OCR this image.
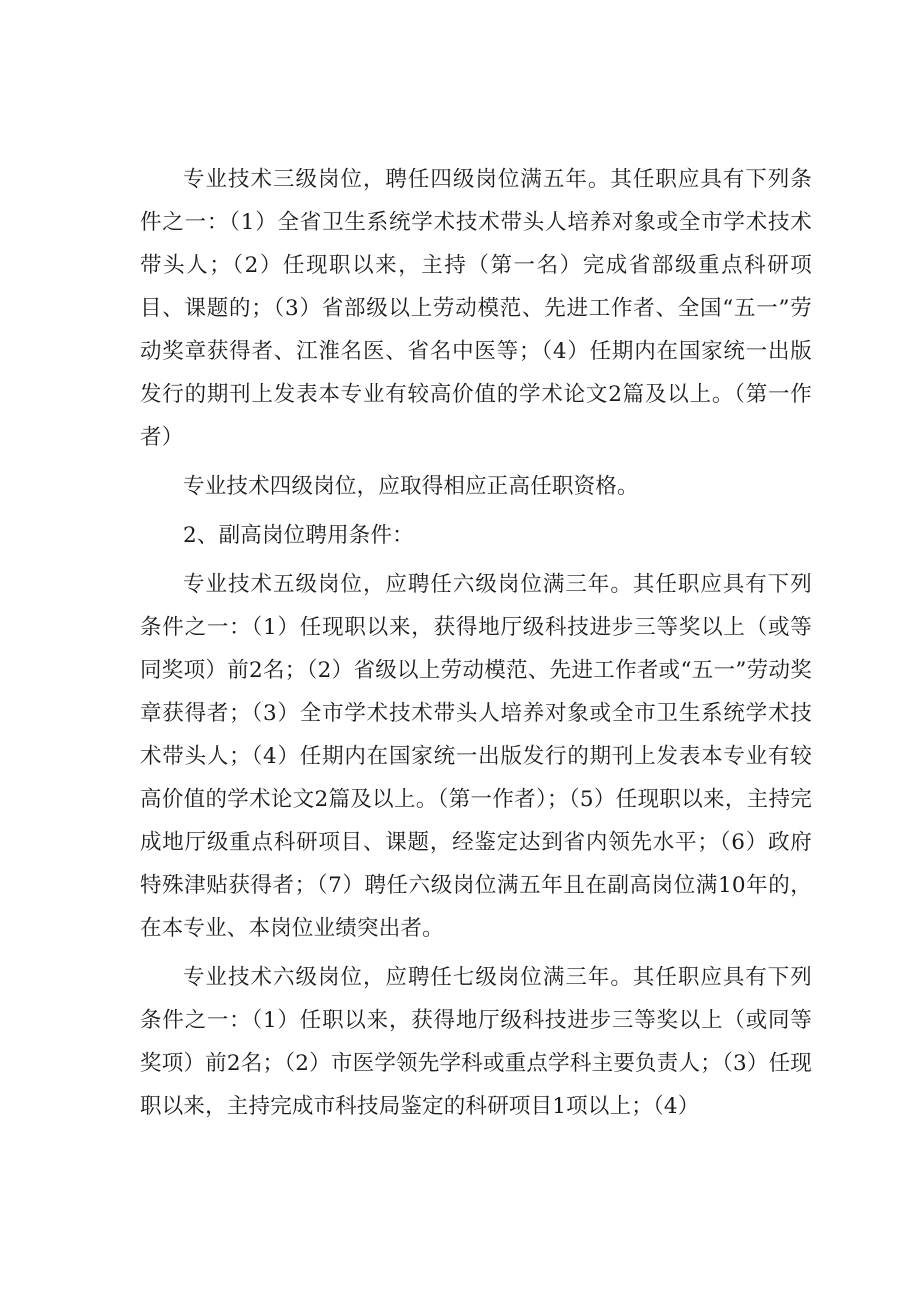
专业技术三级岗位，聘任四级岗位满五年。其任职应具有下列条件之一：（1）全省卫生系统学术技术带头人培养对象或全市学术技术带头人；（2）任现职以来，主持（第一名）完成省部级重点科研项目、课题的；（3）省部级以上劳动模范、先进工作者、全国“五一”劳动奖章获得者、江淮名医、省名中医等；（4）任期内在国家统一出版发行的期刊上发表本专业有较高价值的学术论文2篇及以上。（第一作者）

专业技术四级岗位，应取得相应正高任职资格。

2、副高岗位聘用条件：

专业技术五级岗位，应聘任六级岗位满三年。其任职应具有下列条件之一：（1）任现职以来，获得地厅级科技进步三等奖以上（或等同奖项）前2名；（2）省级以上劳动模范、先进工作者或“五一”劳动奖章获得者；（3）全市学术技术带头人培养对象或全市卫生系统学术技术带头人；（4）任期内在国家统一出版发行的期刊上发表本专业有较高价值的学术论文2篇及以上。（第一作者）；（5）任现职以来，主持完成地厅级重点科研项目、课题，经鉴定达到省内领先水平；（6）政府特殊津贴获得者；（7）聘任六级岗位满五年且在副高岗位满10年的，在本专业、本岗位业绩突出者。

专业技术六级岗位，应聘任七级岗位满三年。其任职应具有下列条件之一：（1）任职以来，获得地厅级科技进步三等奖以上（或同等奖项）前2名；（2）市医学领先学科或重点学科主要负责人；（3）任现职以来，主持完成市科技局鉴定的科研项目1项以上；（4）
